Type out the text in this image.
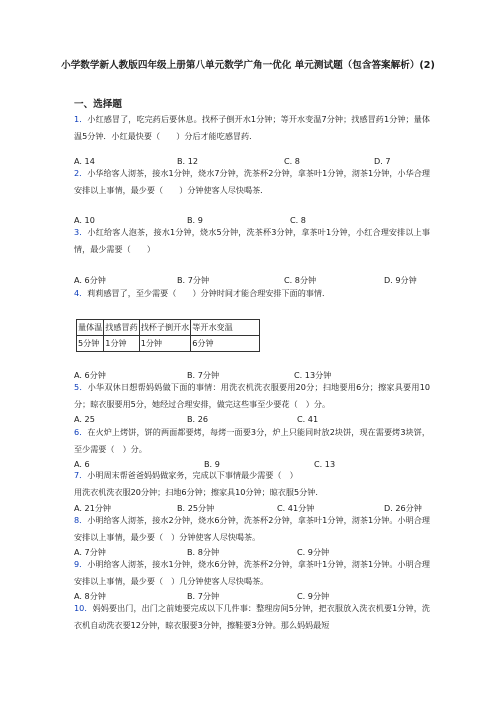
小学数学新人教版四年级上册第八单元数学广角一优化 单元测试题（包含答案解析）(2)
一、选择题
1．小红感冒了，吃完药后要休息。找杯子倒开水1分钟；等开水变温7分钟；找感冒药1分钟；量体温5分钟．小红最快要（　　）分后才能吃感冒药．
A. 14	B. 12	C. 8	D. 7
2．小华给客人沏茶，接水1分钟，烧水7分钟，洗茶杯2分钟，拿茶叶1分钟，沏茶1分钟，小华合理安排以上事情，最少要（　　）分钟使客人尽快喝茶．
A. 10	B. 9	C. 8
3．小红给客人泡茶，接水1分钟，烧水5分钟，洗茶杯3分钟，拿茶叶1分钟，小红合理安排以上事情，最少需要（　　）
A. 6分钟	B. 7分钟	C. 8分钟	D. 9分钟
4．莉莉感冒了，至少需要（　　）分钟时间才能合理安排下面的事情．
量体温	找感冒药	找杯子倒开水	等开水变温
5分钟	1分钟	1分钟	6分钟
A. 6分钟	B. 7分钟	C. 13分钟
5．小华双休日想帮妈妈做下面的事情：用洗衣机洗衣服要用20分；扫地要用6分；擦家具要用10分；晾衣服要用5分，她经过合理安排，做完这些事至少要花（　）分。
A. 25	B. 26	C. 41
6．在火炉上烤饼，饼的两面都要烤，每烤一面要3分，炉上只能同时放2块饼，现在需要烤3块饼，至少需要（　）分。
A. 6	B. 9	C. 13
7．小明周末帮爸爸妈妈做家务，完成以下事情最少需要（　）
用洗衣机洗衣服20分钟；扫地6分钟；擦家具10分钟；晾衣服5分钟.
A. 21分钟	B. 25分钟	C. 41分钟	D. 26分钟
8．小明给客人沏茶，接水2分钟，烧水6分钟，洗茶杯2分钟，拿茶叶1分钟，沏茶1分钟。小明合理安排以上事情，最少要（　）分钟使客人尽快喝茶。
A. 7分钟	B. 8分钟	C. 9分钟
9．小明给客人沏茶，接水1分钟，烧水6分钟，洗茶杯2分钟，拿茶叶1分钟，沏茶1分钟。小明合理安排以上事情，最少要（　）几分钟使客人尽快喝茶。
A. 8分钟	B. 7分钟	C. 9分钟
10．妈妈要出门，出门之前她要完成以下几件事：整理房间5分钟，把衣服放入洗衣机要1分钟，洗衣机自动洗衣要12分钟，晾衣服要3分钟，擦鞋要3分钟。那么妈妈最短
